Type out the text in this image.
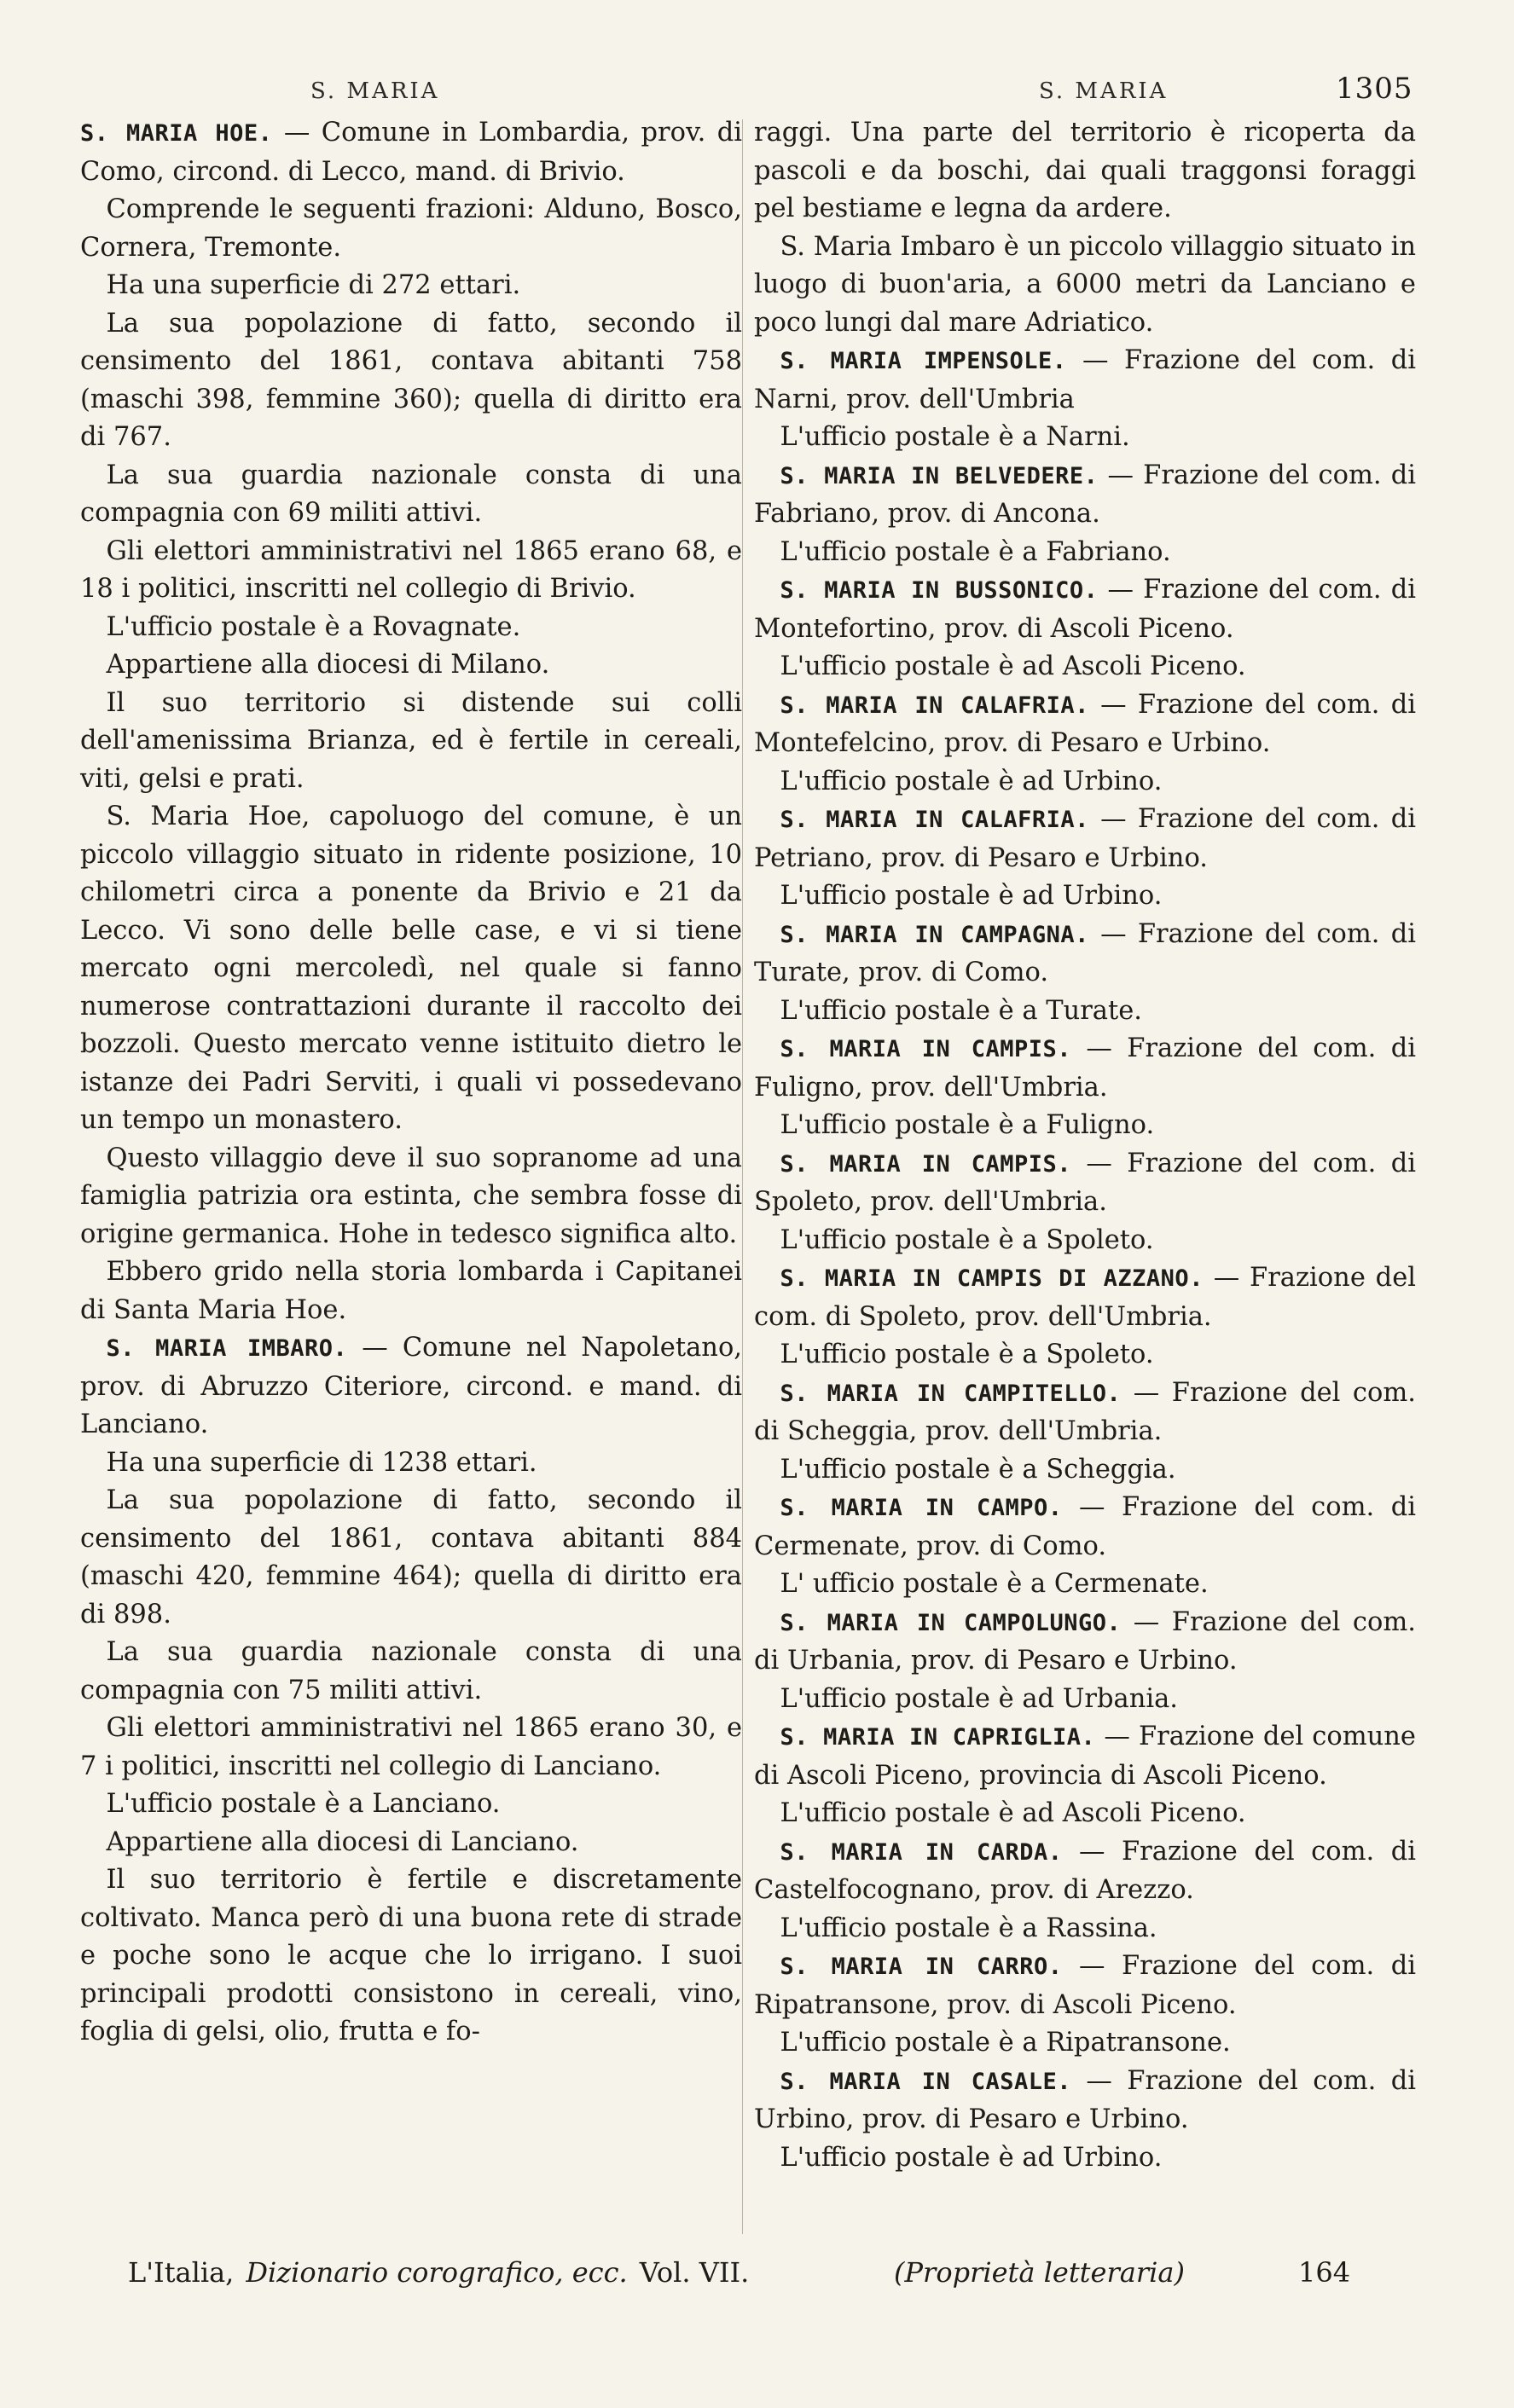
S. MARIA	S. MARIA	1305

S. MARIA HOE. — Comune in Lombardia, prov. di Como, circond. di Lecco, mand. di Brivio.

Comprende le seguenti frazioni: Alduno, Bosco, Cornera, Tremonte.

Ha una superficie di 272 ettari.

La sua popolazione di fatto, secondo il censimento del 1861, contava abitanti 758 (maschi 398, femmine 360); quella di diritto era di 767.

La sua guardia nazionale consta di una compagnia con 69 militi attivi.

Gli elettori amministrativi nel 1865 erano 68, e 18 i politici, inscritti nel collegio di Brivio.

L'ufficio postale è a Rovagnate.

Appartiene alla diocesi di Milano.

Il suo territorio si distende sui colli dell'amenissima Brianza, ed è fertile in cereali, viti, gelsi e prati.

S. Maria Hoe, capoluogo del comune, è un piccolo villaggio situato in ridente posizione, 10 chilometri circa a ponente da Brivio e 21 da Lecco. Vi sono delle belle case, e vi si tiene mercato ogni mercoledì, nel quale si fanno numerose contrattazioni durante il raccolto dei bozzoli. Questo mercato venne istituito dietro le istanze dei Padri Serviti, i quali vi possedevano un tempo un monastero.

Questo villaggio deve il suo sopranome ad una famiglia patrizia ora estinta, che sembra fosse di origine germanica. Hohe in tedesco significa alto.

Ebbero grido nella storia lombarda i Capitanei di Santa Maria Hoe.

S. MARIA IMBARO. — Comune nel Napoletano, prov. di Abruzzo Citeriore, circond. e mand. di Lanciano.

Ha una superficie di 1238 ettari.

La sua popolazione di fatto, secondo il censimento del 1861, contava abitanti 884 (maschi 420, femmine 464); quella di diritto era di 898.

La sua guardia nazionale consta di una compagnia con 75 militi attivi.

Gli elettori amministrativi nel 1865 erano 30, e 7 i politici, inscritti nel collegio di Lanciano.

L'ufficio postale è a Lanciano.

Appartiene alla diocesi di Lanciano.

Il suo territorio è fertile e discretamente coltivato. Manca però di una buona rete di strade e poche sono le acque che lo irrigano. I suoi principali prodotti consistono in cereali, vino, foglia di gelsi, olio, frutta e fo-

raggi. Una parte del territorio è ricoperta da pascoli e da boschi, dai quali traggonsi foraggi pel bestiame e legna da ardere.

S. Maria Imbaro è un piccolo villaggio situato in luogo di buon'aria, a 6000 metri da Lanciano e poco lungi dal mare Adriatico.

S. MARIA IMPENSOLE. — Frazione del com. di Narni, prov. dell'Umbria

L'ufficio postale è a Narni.

S. MARIA IN BELVEDERE. — Frazione del com. di Fabriano, prov. di Ancona.

L'ufficio postale è a Fabriano.

S. MARIA IN BUSSONICO. — Frazione del com. di Montefortino, prov. di Ascoli Piceno.

L'ufficio postale è ad Ascoli Piceno.

S. MARIA IN CALAFRIA. — Frazione del com. di Montefelcino, prov. di Pesaro e Urbino.

L'ufficio postale è ad Urbino.

S. MARIA IN CALAFRIA. — Frazione del com. di Petriano, prov. di Pesaro e Urbino.

L'ufficio postale è ad Urbino.

S. MARIA IN CAMPAGNA. — Frazione del com. di Turate, prov. di Como.

L'ufficio postale è a Turate.

S. MARIA IN CAMPIS. — Frazione del com. di Fuligno, prov. dell'Umbria.

L'ufficio postale è a Fuligno.

S. MARIA IN CAMPIS. — Frazione del com. di Spoleto, prov. dell'Umbria.

L'ufficio postale è a Spoleto.

S. MARIA IN CAMPIS DI AZZANO. — Frazione del com. di Spoleto, prov. dell'Umbria.

L'ufficio postale è a Spoleto.

S. MARIA IN CAMPITELLO. — Frazione del com. di Scheggia, prov. dell'Umbria.

L'ufficio postale è a Scheggia.

S. MARIA IN CAMPO. — Frazione del com. di Cermenate, prov. di Como.

L' ufficio postale è a Cermenate.

S. MARIA IN CAMPOLUNGO. — Frazione del com. di Urbania, prov. di Pesaro e Urbino.

L'ufficio postale è ad Urbania.

S. MARIA IN CAPRIGLIA. — Frazione del comune di Ascoli Piceno, provincia di Ascoli Piceno.

L'ufficio postale è ad Ascoli Piceno.

S. MARIA IN CARDA. — Frazione del com. di Castelfocognano, prov. di Arezzo.

L'ufficio postale è a Rassina.

S. MARIA IN CARRO. — Frazione del com. di Ripatransone, prov. di Ascoli Piceno.

L'ufficio postale è a Ripatransone.

S. MARIA IN CASALE. — Frazione del com. di Urbino, prov. di Pesaro e Urbino.

L'ufficio postale è ad Urbino.

L'Italia, Dizionario corografico, ecc. Vol. VII.	(Proprietà letteraria)	164
